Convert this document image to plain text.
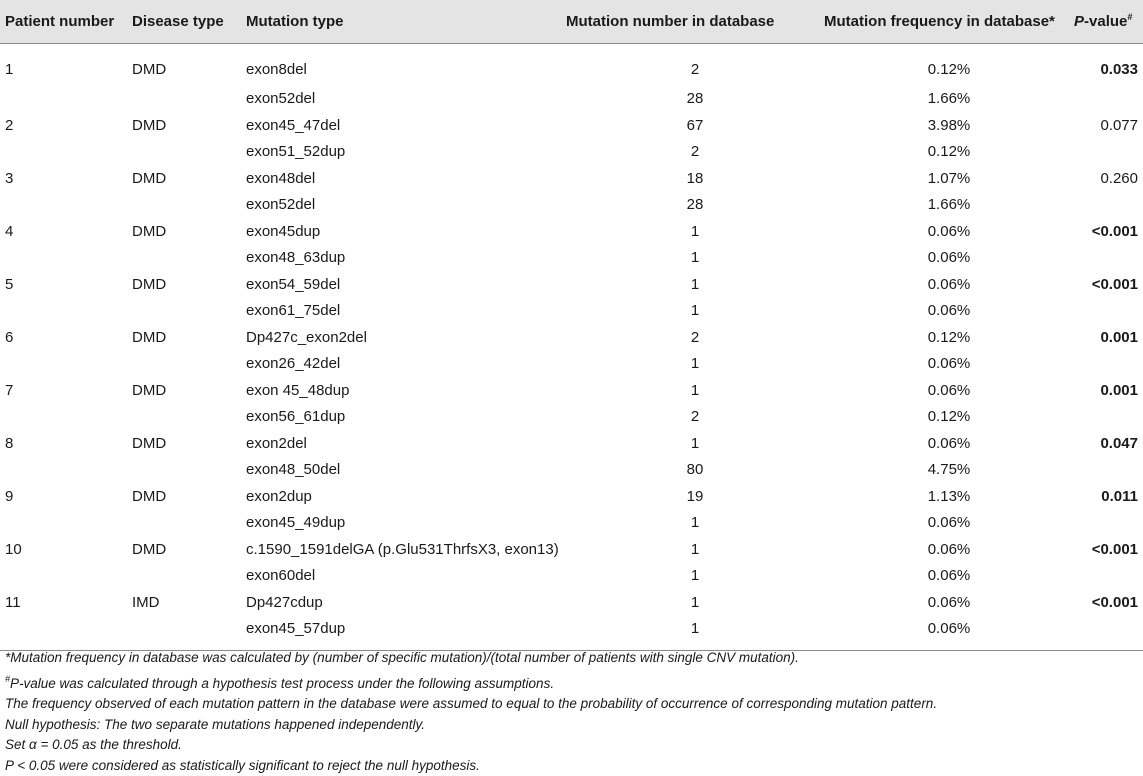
Patient number	Disease type	Mutation type	Mutation number in database	Mutation frequency in database*	P-value#
1	DMD	exon8del	2	0.12%	0.033
		exon52del	28	1.66%	
2	DMD	exon45_47del	67	3.98%	0.077
		exon51_52dup	2	0.12%	
3	DMD	exon48del	18	1.07%	0.260
		exon52del	28	1.66%	
4	DMD	exon45dup	1	0.06%	<0.001
		exon48_63dup	1	0.06%	
5	DMD	exon54_59del	1	0.06%	<0.001
		exon61_75del	1	0.06%	
6	DMD	Dp427c_exon2del	2	0.12%	0.001
		exon26_42del	1	0.06%	
7	DMD	exon 45_48dup	1	0.06%	0.001
		exon56_61dup	2	0.12%	
8	DMD	exon2del	1	0.06%	0.047
		exon48_50del	80	4.75%	
9	DMD	exon2dup	19	1.13%	0.011
		exon45_49dup	1	0.06%	
10	DMD	c.1590_1591delGA (p.Glu531ThrfsX3, exon13)	1	0.06%	<0.001
		exon60del	1	0.06%	
11	IMD	Dp427cdup	1	0.06%	<0.001
		exon45_57dup	1	0.06%	
*Mutation frequency in database was calculated by (number of specific mutation)/(total number of patients with single CNV mutation).
#P-value was calculated through a hypothesis test process under the following assumptions.
The frequency observed of each mutation pattern in the database were assumed to equal to the probability of occurrence of corresponding mutation pattern.
Null hypothesis: The two separate mutations happened independently.
Set α = 0.05 as the threshold.
P < 0.05 were considered as statistically significant to reject the null hypothesis.
